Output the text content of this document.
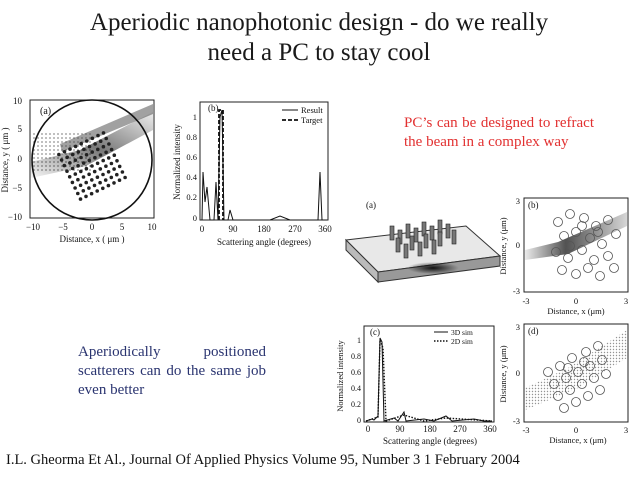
Aperiodic nanophotonic design - do we really
need a PC to stay cool
(a)
10
5
0
−5
−10
−10 −5 0	5	10
Distance, x ( μm )
Distance, y ( μm )
Result
Target
(b)
1
0.8
0.6
0.4
0.2
0
0	90 180 270 360
Scattering angle (degrees)
Normalized intensity
PC’s can be designed to refract the beam in a complex way
(a)	(b)
3
0
-3
-3	0	3
Distance, x (μm)
Distance, y (μm)
Aperiodically positioned scatterers can do the same job even better
3D sim
2D sim
(c)
1
0.8
0.6
0.4
0.2
0
0	90 180 270 360
Scattering angle (degrees)
Normalized intensity
(d)
3
0
-3
-3	0	3
Distance, x (μm)
Distance, y (μm)
I.L. Gheorma Et Al., Journal Of Applied Physics Volume 95, Number 3 1 February 2004
